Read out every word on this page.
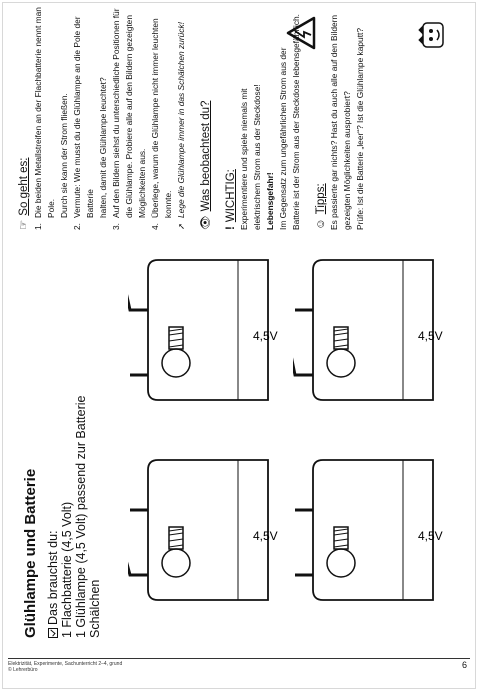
Glühlampe und Batterie Das brauchst du: 1 Flachbatterie (4,5 Volt) 1 Glühlampe (4,5 Volt) passend zur Batterie Schälchen
4,5V
4,5V
4,5V
4,5V
☞
So geht es:
1.
Die beiden Metallstreifen an der Flachbatterie nennt man Pole. Durch sie kann der Strom fließen.
2.
Vermute: Wie musst du die Glühlampe an die Pole der Batterie halten, damit die Glühlampe leuchtet?
3.
Auf den Bildern siehst du unterschiedliche Positionen für die Glühlampe. Probiere alle auf den Bildern gezeigten Möglichkeiten aus.
4.
Überlege, warum die Glühlampe nicht immer leuchten konnte.
➚
Lege die Glühlampe immer in das Schälchen zurück!
👁
Was beobachtest du?
!
WICHTIG: Experimentiere und spiele niemals mit elektrischem Strom aus der Steckdose! Lebensgefahr! Im Gegensatz zum ungefährlichen Strom aus der Batterie ist der Strom aus der Steckdose lebensgefährlich. ☺
Tipps: Es passierte gar nichts? Hast du auch alle auf den Bildern gezeigten Möglichkeiten ausprobiert? Prüfe: Ist die Batterie „leer“? Ist die Glühlampe kaputt?
Elektrizität, Experimente, Sachunterricht 2–4, grund
© Lehrerbüro	6
